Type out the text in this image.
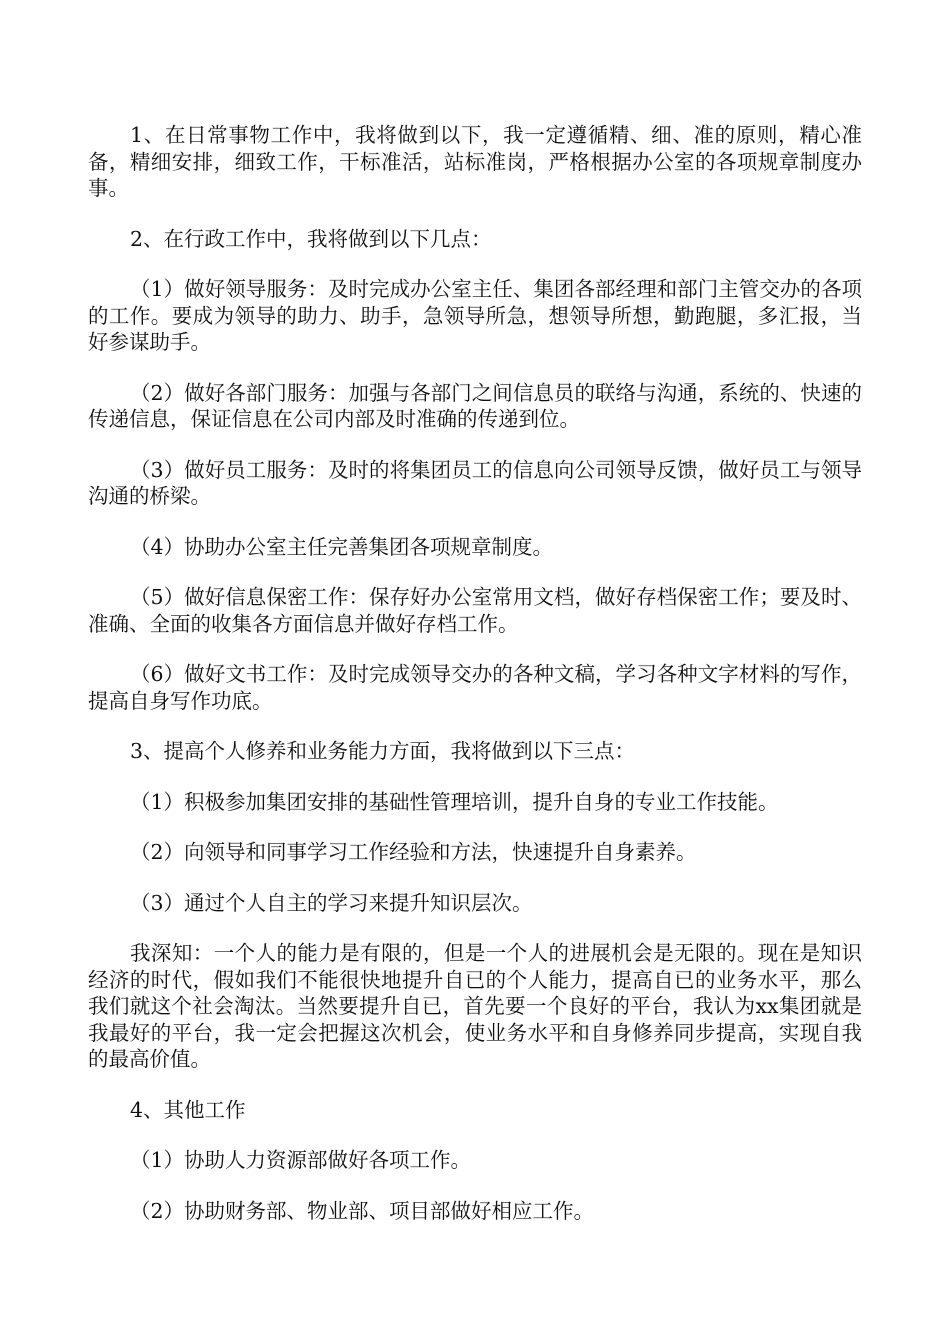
1、在日常事物工作中，我将做到以下，我一定遵循精、细、准的原则，精心准备，精细安排，细致工作，干标准活，站标准岗，严格根据办公室的各项规章制度办事。

2、在行政工作中，我将做到以下几点：

（1）做好领导服务：及时完成办公室主任、集团各部经理和部门主管交办的各项的工作。要成为领导的助力、助手，急领导所急，想领导所想，勤跑腿，多汇报，当好参谋助手。

（2）做好各部门服务：加强与各部门之间信息员的联络与沟通，系统的、快速的传递信息，保证信息在公司内部及时准确的传递到位。

（3）做好员工服务：及时的将集团员工的信息向公司领导反馈，做好员工与领导沟通的桥梁。

（4）协助办公室主任完善集团各项规章制度。

（5）做好信息保密工作：保存好办公室常用文档，做好存档保密工作；要及时、准确、全面的收集各方面信息并做好存档工作。

（6）做好文书工作：及时完成领导交办的各种文稿，学习各种文字材料的写作，提高自身写作功底。

3、提高个人修养和业务能力方面，我将做到以下三点：

（1）积极参加集团安排的基础性管理培训，提升自身的专业工作技能。

（2）向领导和同事学习工作经验和方法，快速提升自身素养。

（3）通过个人自主的学习来提升知识层次。

我深知：一个人的能力是有限的，但是一个人的进展机会是无限的。现在是知识经济的时代，假如我们不能很快地提升自已的个人能力，提高自已的业务水平，那么我们就这个社会淘汰。当然要提升自已，首先要一个良好的平台，我认为xx集团就是我最好的平台，我一定会把握这次机会，使业务水平和自身修养同步提高，实现自我的最高价值。

4、其他工作

（1）协助人力资源部做好各项工作。

（2）协助财务部、物业部、项目部做好相应工作。
